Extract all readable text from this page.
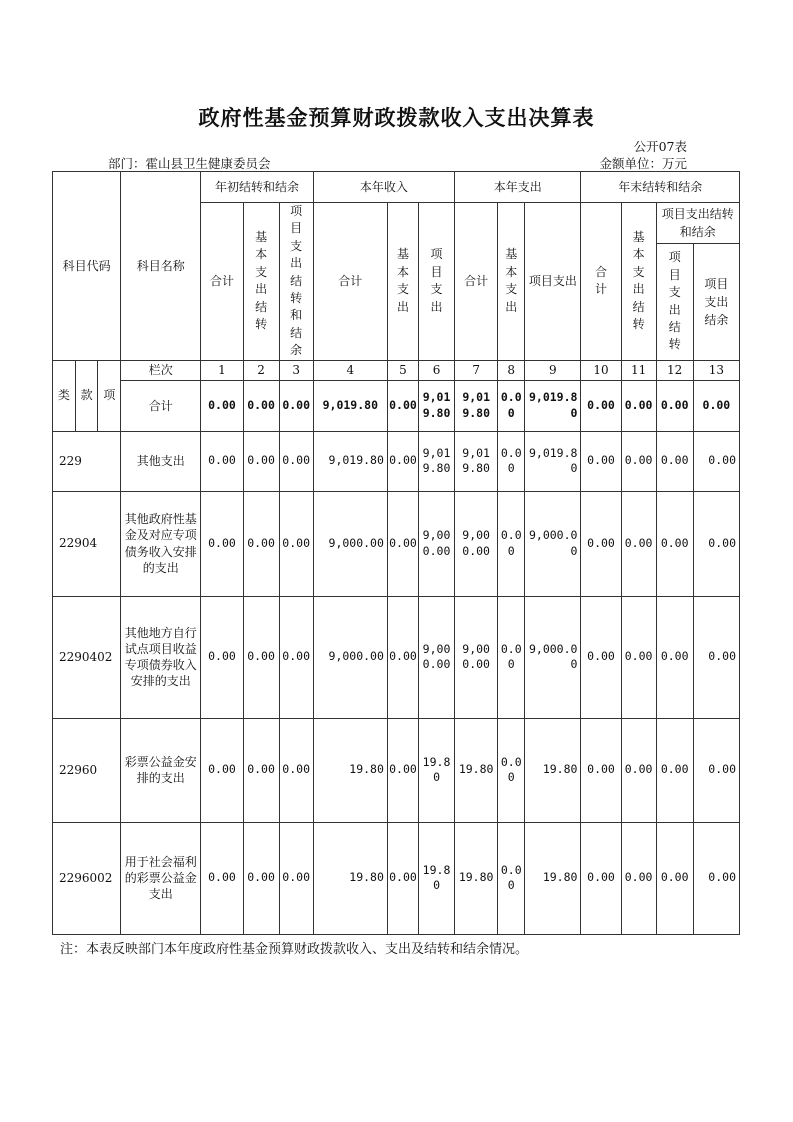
政府性基金预算财政拨款收入支出决算表
公开07表
部门：霍山县卫生健康委员会	金额单位：万元
科目代码	科目名称	年初结转和结余			本年收入			本年支出			年末结转和结余			
		合计	基本支出结转	项目支出结转和结余	合计	基本支出	项目支出	合计	基本支出	项目支出	合计	基本支出结转	项目支出结转和结余	
													项目支出结转	项目支出结余

类 款 项	栏次	1	2	3	4	5	6	7	8	9	10	11	12	13
	合计	0.00	0.00	0.00	9,019.80	0.00	9,019.80	9,019.80	0.00	9,019.80	0.00	0.00	0.00	0.00
229	其他支出	0.00	0.00	0.00	9,019.80	0.00	9,019.80	9,019.80	0.00	9,019.80	0.00	0.00	0.00	0.00
22904	其他政府性基金及对应专项债务收入安排的支出	0.00	0.00	0.00	9,000.00	0.00	9,000.00	9,000.00	0.00	9,000.00	0.00	0.00	0.00	0.00
2290402	其他地方自行试点项目收益专项债券收入安排的支出	0.00	0.00	0.00	9,000.00	0.00	9,000.00	9,000.00	0.00	9,000.00	0.00	0.00	0.00	0.00
22960	彩票公益金安排的支出	0.00	0.00	0.00	19.80	0.00	19.80	19.80	0.00	19.80	0.00	0.00	0.00	0.00
2296002	用于社会福利的彩票公益金支出	0.00	0.00	0.00	19.80	0.00	19.80	19.80	0.00	19.80	0.00	0.00	0.00	0.00
注：本表反映部门本年度政府性基金预算财政拨款收入、支出及结转和结余情况。
